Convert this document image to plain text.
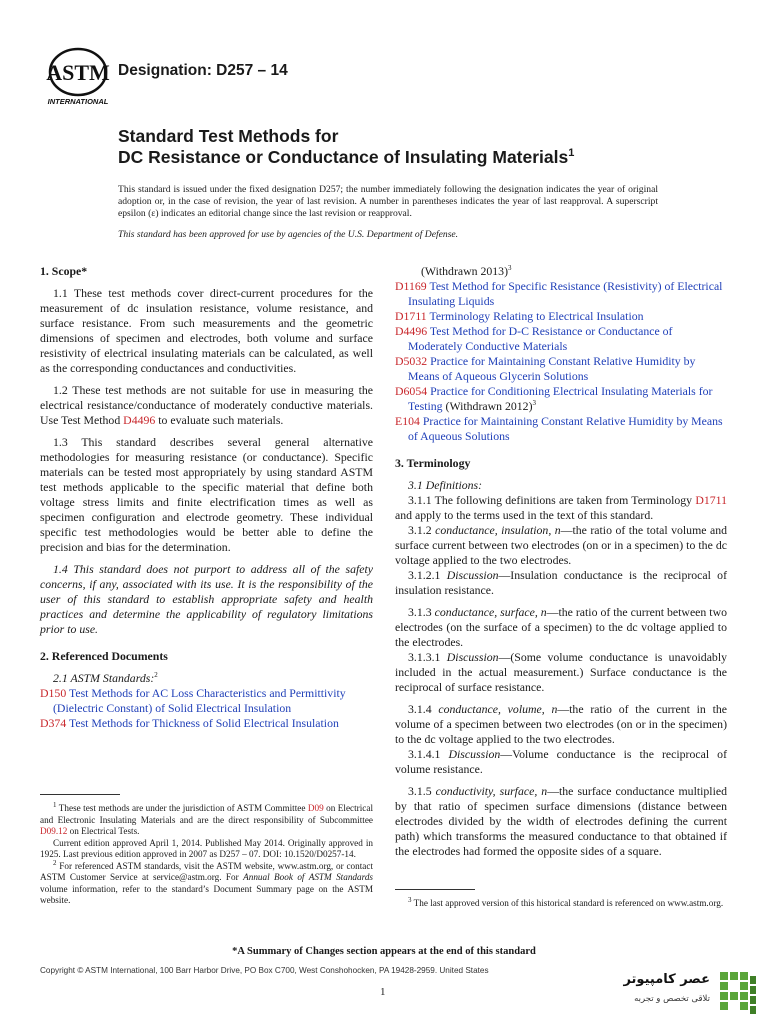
ASTM
INTERNATIONAL
Designation: D257 – 14
Standard Test Methods for
DC Resistance or Conductance of Insulating Materials$^1$
This standard is issued under the fixed designation D257; the number immediately following the designation indicates the year of original adoption or, in the case of revision, the year of last revision. A number in parentheses indicates the year of last reapproval. A superscript epsilon (ε) indicates an editorial change since the last revision or reapproval.
This standard has been approved for use by agencies of the U.S. Department of Defense.

1. Scope*

1.1 These test methods cover direct-current procedures for the measurement of dc insulation resistance, volume resistance, and surface resistance. From such measurements and the geometric dimensions of specimen and electrodes, both volume and surface resistivity of electrical insulating materials can be calculated, as well as the corresponding conductances and conductivities.

1.2 These test methods are not suitable for use in measuring the electrical resistance/conductance of moderately conductive materials. Use Test Method D4496 to evaluate such materials.

1.3 This standard describes several general alternative methodologies for measuring resistance (or conductance). Specific materials can be tested most appropriately by using standard ASTM test methods applicable to the specific material that define both voltage stress limits and finite electrification times as well as specimen configuration and electrode geometry. These individual specific test methodologies would be better able to define the precision and bias for the determination.

1.4 This standard does not purport to address all of the safety concerns, if any, associated with its use. It is the responsibility of the user of this standard to establish appropriate safety and health practices and determine the applicability of regulatory limitations prior to use.

2. Referenced Documents

2.1 ASTM Standards:$^2$

D150 Test Methods for AC Loss Characteristics and Permittivity (Dielectric Constant) of Solid Electrical Insulation

D374 Test Methods for Thickness of Solid Electrical Insulation

(Withdrawn 2013)$^3$

D1169 Test Method for Specific Resistance (Resistivity) of Electrical Insulating Liquids

D1711 Terminology Relating to Electrical Insulation

D4496 Test Method for D-C Resistance or Conductance of Moderately Conductive Materials

D5032 Practice for Maintaining Constant Relative Humidity by Means of Aqueous Glycerin Solutions

D6054 Practice for Conditioning Electrical Insulating Materials for Testing (Withdrawn 2012)$^3$

E104 Practice for Maintaining Constant Relative Humidity by Means of Aqueous Solutions

3. Terminology

3.1 Definitions:

3.1.1 The following definitions are taken from Terminology D1711 and apply to the terms used in the text of this standard.

3.1.2 conductance, insulation, n—the ratio of the total volume and surface current between two electrodes (on or in a specimen) to the dc voltage applied to the two electrodes.

3.1.2.1 Discussion—Insulation conductance is the reciprocal of insulation resistance.

3.1.3 conductance, surface, n—the ratio of the current between two electrodes (on the surface of a specimen) to the dc voltage applied to the electrodes.

3.1.3.1 Discussion—(Some volume conductance is unavoidably included in the actual measurement.) Surface conductance is the reciprocal of surface resistance.

3.1.4 conductance, volume, n—the ratio of the current in the volume of a specimen between two electrodes (on or in the specimen) to the dc voltage applied to the two electrodes.

3.1.4.1 Discussion—Volume conductance is the reciprocal of volume resistance.

3.1.5 conductivity, surface, n—the surface conductance multiplied by that ratio of specimen surface dimensions (distance between electrodes divided by the width of electrodes defining the current path) which transforms the measured conductance to that obtained if the electrodes had formed the opposite sides of a square.

$^1$ These test methods are under the jurisdiction of ASTM Committee D09 on Electrical and Electronic Insulating Materials and are the direct responsibility of Subcommittee D09.12 on Electrical Tests.

Current edition approved April 1, 2014. Published May 2014. Originally approved in 1925. Last previous edition approved in 2007 as D257 – 07. DOI: 10.1520/D0257-14.

$^2$ For referenced ASTM standards, visit the ASTM website, www.astm.org, or contact ASTM Customer Service at service@astm.org. For Annual Book of ASTM Standards volume information, refer to the standard’s Document Summary page on the ASTM website.	$^3$ The last approved version of this historical standard is referenced on www.astm.org.

*A Summary of Changes section appears at the end of this standard
Copyright © ASTM International, 100 Barr Harbor Drive, PO Box C700, West Conshohocken, PA 19428-2959. United States
1
عصر کامپیوتر
تلاقی تخصص و تجربه
